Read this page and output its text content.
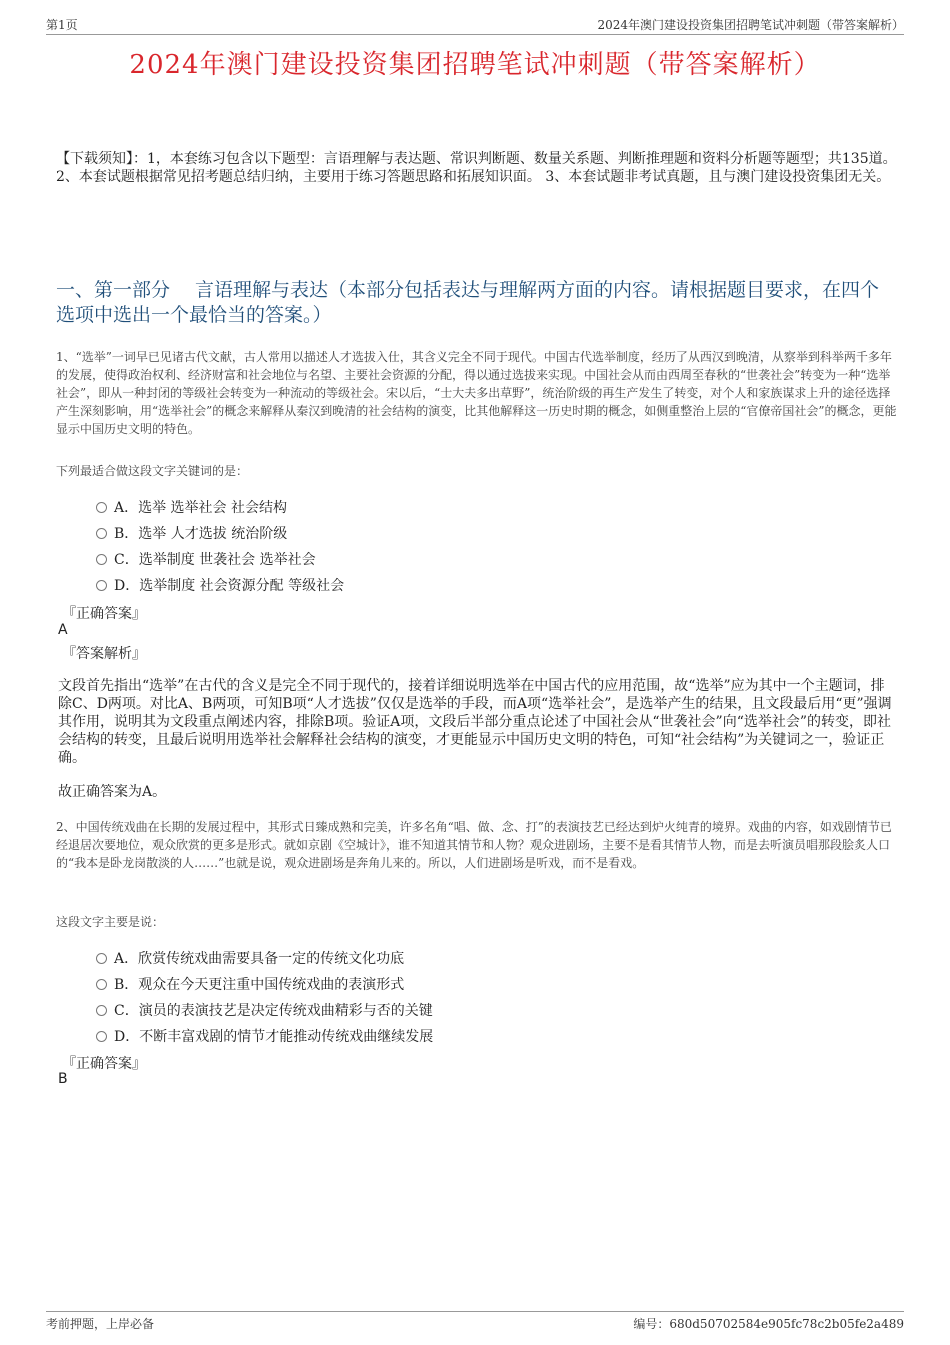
第1页	2024年澳门建设投资集团招聘笔试冲刺题（带答案解析）
2024年澳门建设投资集团招聘笔试冲刺题（带答案解析）
【下载须知】：1，本套练习包含以下题型：言语理解与表达题、常识判断题、数量关系题、判断推理题和资料分析题等题型；共135道。 2、本套试题根据常见招考题总结归纳，主要用于练习答题思路和拓展知识面。 3、本套试题非考试真题，且与澳门建设投资集团无关。
一、第一部分　 言语理解与表达（本部分包括表达与理解两方面的内容。请根据题目要求，在四个选项中选出一个最恰当的答案。）
1、“选举”一词早已见诸古代文献，古人常用以描述人才选拔入仕，其含义完全不同于现代。中国古代选举制度，经历了从西汉到晚清，从察举到科举两千多年的发展，使得政治权利、经济财富和社会地位与名望、主要社会资源的分配，得以通过选拔来实现。中国社会从而由西周至春秋的“世袭社会”转变为一种“选举社会”，即从一种封闭的等级社会转变为一种流动的等级社会。宋以后，“士大夫多出草野”，统治阶级的再生产发生了转变，对个人和家族谋求上升的途径选择产生深刻影响，用“选举社会”的概念来解释从秦汉到晚清的社会结构的演变，比其他解释这一历史时期的概念，如侧重整治上层的“官僚帝国社会”的概念，更能显示中国历史文明的特色。
下列最适合做这段文字关键词的是：
A．选举 选举社会 社会结构
B．选举 人才选拔 统治阶级
C．选举制度 世袭社会 选举社会
D．选举制度 社会资源分配 等级社会
『正确答案』
A
『答案解析』
文段首先指出“选举”在古代的含义是完全不同于现代的，接着详细说明选举在中国古代的应用范围，故“选举”应为其中一个主题词，排除C、D两项。对比A、B两项，可知B项“人才选拔”仅仅是选举的手段，而A项“选举社会”，是选举产生的结果，且文段最后用“更”强调其作用，说明其为文段重点阐述内容，排除B项。验证A项，文段后半部分重点论述了中国社会从“世袭社会”向“选举社会”的转变，即社会结构的转变，且最后说明用选举社会解释社会结构的演变，才更能显示中国历史文明的特色，可知“社会结构”为关键词之一，验证正确。
故正确答案为A。
2、中国传统戏曲在长期的发展过程中，其形式日臻成熟和完美，许多名角“唱、做、念、打”的表演技艺已经达到炉火纯青的境界。戏曲的内容，如戏剧情节已经退居次要地位，观众欣赏的更多是形式。就如京剧《空城计》，谁不知道其情节和人物？观众进剧场，主要不是看其情节人物，而是去听演员唱那段脍炙人口的“我本是卧龙岗散淡的人……”也就是说，观众进剧场是奔角儿来的。所以，人们进剧场是听戏，而不是看戏。
这段文字主要是说：
A．欣赏传统戏曲需要具备一定的传统文化功底
B．观众在今天更注重中国传统戏曲的表演形式
C．演员的表演技艺是决定传统戏曲精彩与否的关键
D．不断丰富戏剧的情节才能推动传统戏曲继续发展
『正确答案』
B
考前押题，上岸必备	编号：680d50702584e905fc78c2b05fe2a489
